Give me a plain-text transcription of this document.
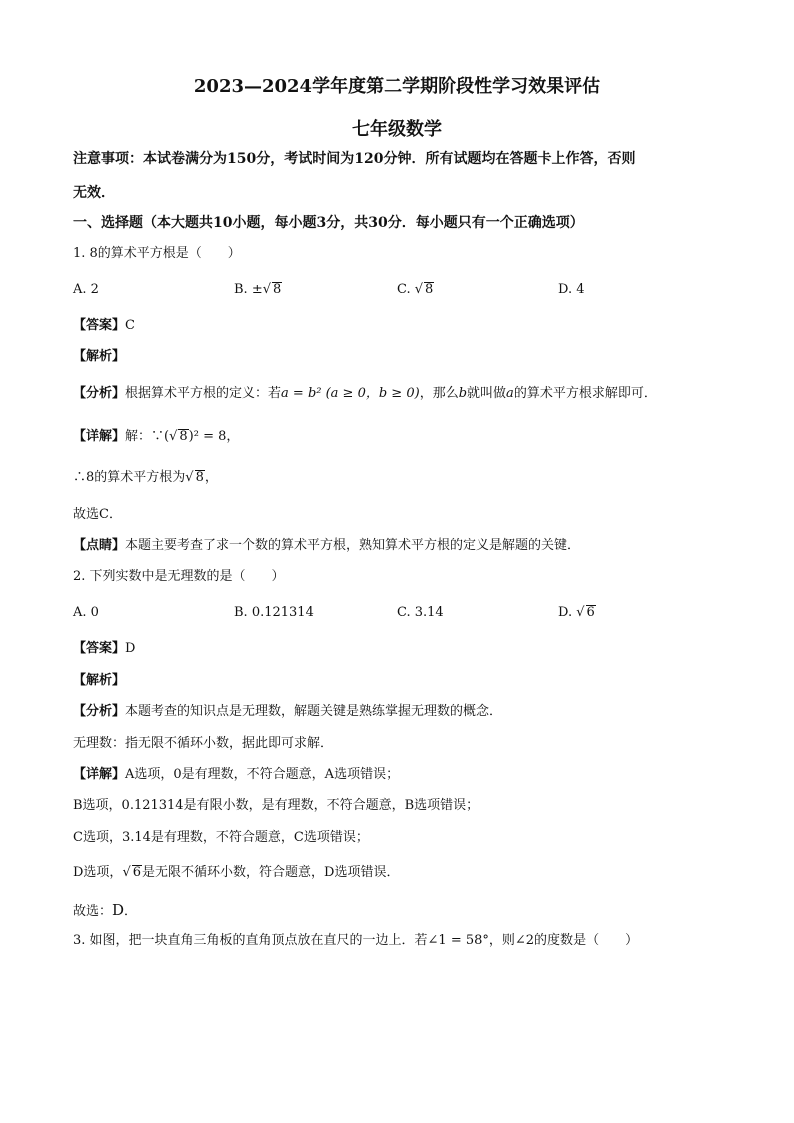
2023—2024学年度第二学期阶段性学习效果评估
七年级数学
注意事项：本试卷满分为150分，考试时间为120分钟．所有试题均在答题卡上作答，否则
无效．
一、选择题（本大题共10小题，每小题3分，共30分．每小题只有一个正确选项）
1. 8的算术平方根是（　　）
A. 2	B. ±√ 8	C. √ 8	D. 4
【答案】C
【解析】
【分析】根据算术平方根的定义：若a = b² (a ≥ 0，b ≥ 0)，那么b就叫做a的算术平方根求解即可．
【详解】解：∵(√ 8)² = 8，
∴8的算术平方根为√ 8，
故选C．
【点睛】本题主要考查了求一个数的算术平方根，熟知算术平方根的定义是解题的关键．
2. 下列实数中是无理数的是（　　）
A. 0	B. 0.121314	C. 3.14	D. √ 6
【答案】D
【解析】
【分析】本题考查的知识点是无理数，解题关键是熟练掌握无理数的概念．
无理数：指无限不循环小数，据此即可求解．
【详解】A选项，0是有理数，不符合题意，A选项错误；
B选项，0.121314是有限小数，是有理数，不符合题意，B选项错误；
C选项，3.14是有理数，不符合题意，C选项错误；
D选项，√ 6是无限不循环小数，符合题意，D选项错误．
故选：D．
3. 如图，把一块直角三角板的直角顶点放在直尺的一边上．若∠1 = 58°，则∠2的度数是（　　）
